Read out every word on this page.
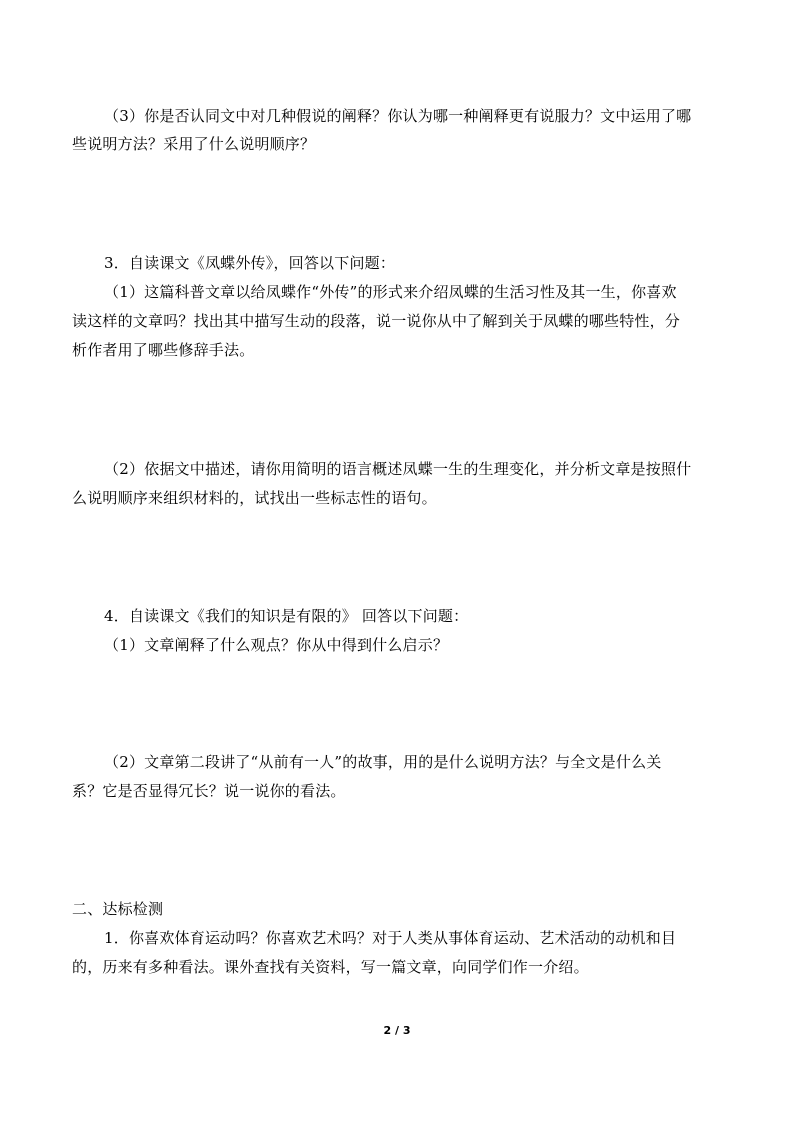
（3）你是否认同文中对几种假说的阐释？你认为哪一种阐释更有说服力？文中运用了哪
些说明方法？采用了什么说明顺序？
3．自读课文《凤蝶外传》，回答以下问题：
（1）这篇科普文章以给凤蝶作“外传”的形式来介绍凤蝶的生活习性及其一生，你喜欢
读这样的文章吗？找出其中描写生动的段落，说一说你从中了解到关于凤蝶的哪些特性，分
析作者用了哪些修辞手法。
（2）依据文中描述，请你用简明的语言概述凤蝶一生的生理变化，并分析文章是按照什
么说明顺序来组织材料的，试找出一些标志性的语句。
4．自读课文《我们的知识是有限的》 回答以下问题：
（1）文章阐释了什么观点？你从中得到什么启示？
（2）文章第二段讲了“从前有一人”的故事，用的是什么说明方法？与全文是什么关
系？它是否显得冗长？说一说你的看法。
二、达标检测
1．你喜欢体育运动吗？你喜欢艺术吗？对于人类从事体育运动、艺术活动的动机和目
的，历来有多种看法。课外查找有关资料，写一篇文章，向同学们作一介绍。
2 / 3
